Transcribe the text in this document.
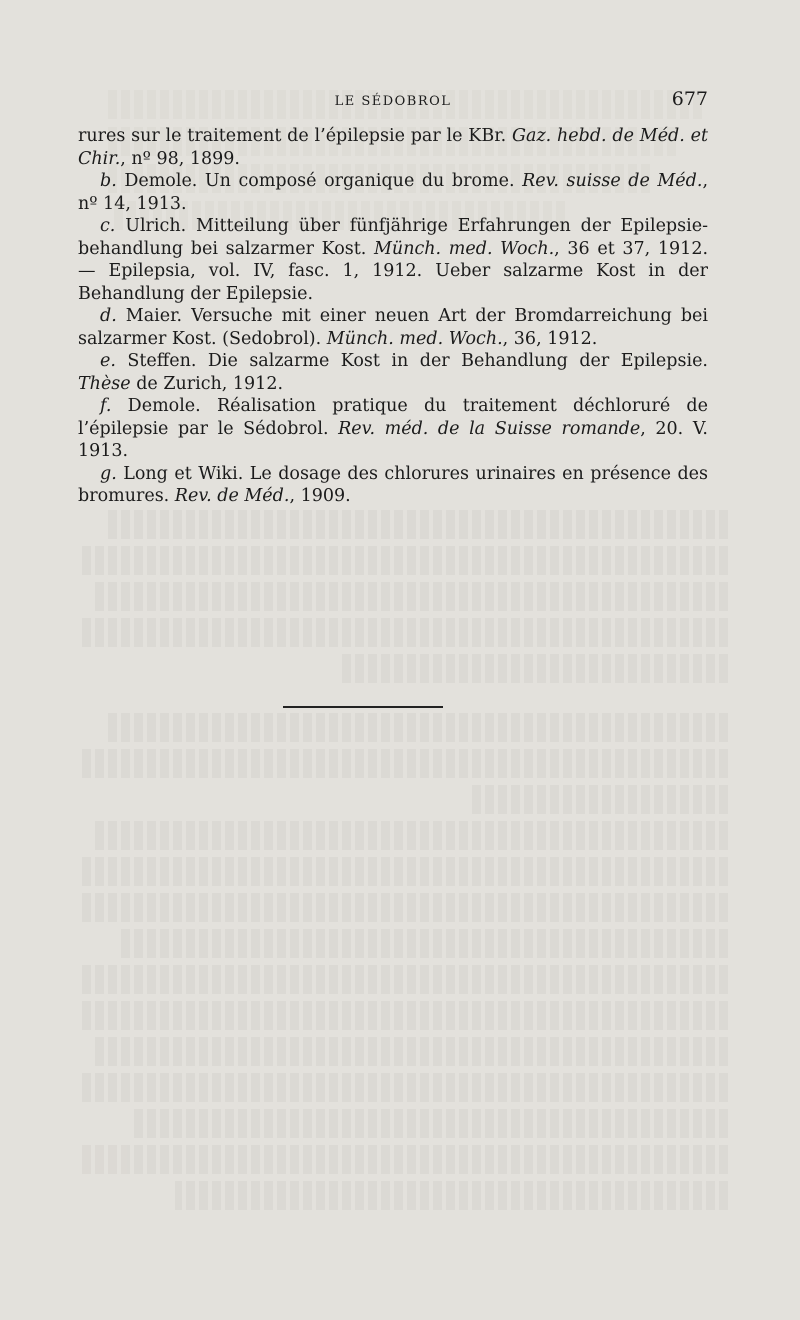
LE SÉDOBROL	677

rures sur le traitement de l’épilepsie par le KBr. Gaz. hebd. de Méd. et Chir., nº 98, 1899.

b. Demole. Un composé organique du brome. Rev. suisse de Méd., nº 14, 1913.

c. Ulrich. Mitteilung über fünfjährige Erfahrungen der Epilepsie-behandlung bei salzarmer Kost. Münch. med. Woch., 36 et 37, 1912. — Epilepsia, vol. IV, fasc. 1, 1912. Ueber salzarme Kost in der Behandlung der Epilepsie.

d. Maier. Versuche mit einer neuen Art der Bromdarreichung bei salzarmer Kost. (Sedobrol). Münch. med. Woch., 36, 1912.

e. Steffen. Die salzarme Kost in der Behandlung der Epilepsie. Thèse de Zurich, 1912.

f. Demole. Réalisation pratique du traitement déchloruré de l’épilepsie par le Sédobrol. Rev. méd. de la Suisse romande, 20. V. 1913.

g. Long et Wiki. Le dosage des chlorures urinaires en présence des bromures. Rev. de Méd., 1909.
